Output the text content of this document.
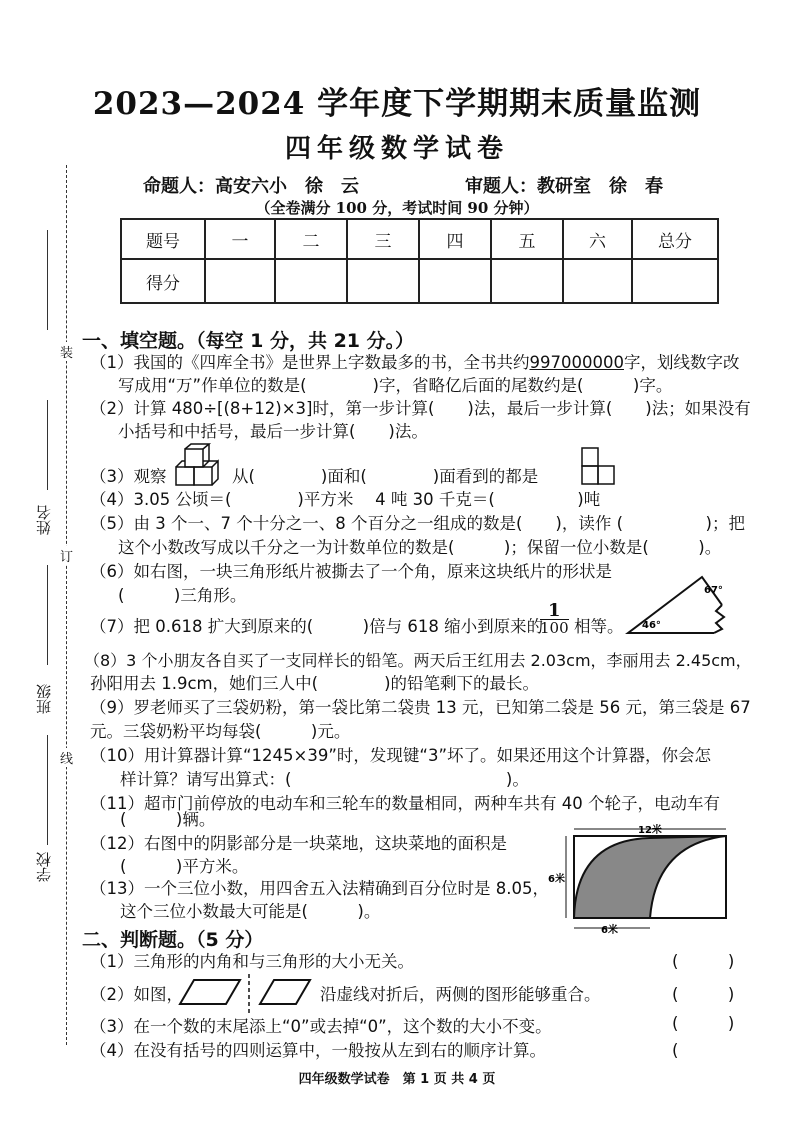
2023—2024 学年度下学期期末质量监测
四年级数学试卷
命题人：高安六小　徐　云	审题人：教研室　徐　春
（全卷满分 100 分，考试时间 90 分钟）
题号	一	二	三	四	五	六	总分
得分							
装
订
线
姓名
班级
学校
一、填空题。（每空 1 分，共 21 分。）
（1）我国的《四库全书》是世界上字数最多的书，全书共约997000000字，划线数字改
写成用“万”作单位的数是(　　　　)字，省略亿后面的尾数约是(　　　)字。
（2）计算 480÷[(8+12)×3]时，第一步计算(　　)法，最后一步计算(　　)法；如果没有
小括号和中括号，最后一步计算(　　)法。
（3）观察	从(　　　　)面和(　　　　)面看到的都是
（4）3.05 公顷＝(　　　　)平方米　 4 吨 30 千克＝(　　　　　)吨
（5）由 3 个一、7 个十分之一、8 个百分之一组成的数是(　　)，读作 (　　　　　)；把
这个小数改写成以千分之一为计数单位的数是(　　　)；保留一位小数是(　　　)。
（6）如右图，一块三角形纸片被撕去了一个角，原来这块纸片的形状是
(　　　)三角形。	67°
46°
（7）把 0.618 扩大到原来的(　　　)倍与 618 缩小到原来的
1
100 相等。
（8）3 个小朋友各自买了一支同样长的铅笔。两天后王红用去 2.03cm，李丽用去 2.45cm，
孙阳用去 1.9cm，她们三人中(　　　　)的铅笔剩下的最长。
（9）罗老师买了三袋奶粉，第一袋比第二袋贵 13 元，已知第二袋是 56 元，第三袋是 67
元。三袋奶粉平均每袋(　　　)元。
（10）用计算器计算“1245×39”时，发现键“3”坏了。如果还用这个计算器，你会怎
样计算？请写出算式：(　　　　　　　　　　　　　)。
（11）超市门前停放的电动车和三轮车的数量相同，两种车共有 40 个轮子，电动车有
(　　　)辆。
（12）右图中的阴影部分是一块菜地，这块菜地的面积是
(　　　)平方米。
（13）一个三位小数，用四舍五入法精确到百分位时是 8.05，
这个三位小数最大可能是(　　　)。
12米
6米
6米
二、判断题。（5 分）
（1）三角形的内角和与三角形的大小无关。	(　　　)
（2）如图，	沿虚线对折后，两侧的图形能够重合。	(　　　)
（3）在一个数的末尾添上“0”或去掉“0”，这个数的大小不变。	(　　　)
（4）在没有括号的四则运算中，一般按从左到右的顺序计算。	(
四年级数学试卷　第 1 页 共 4 页
